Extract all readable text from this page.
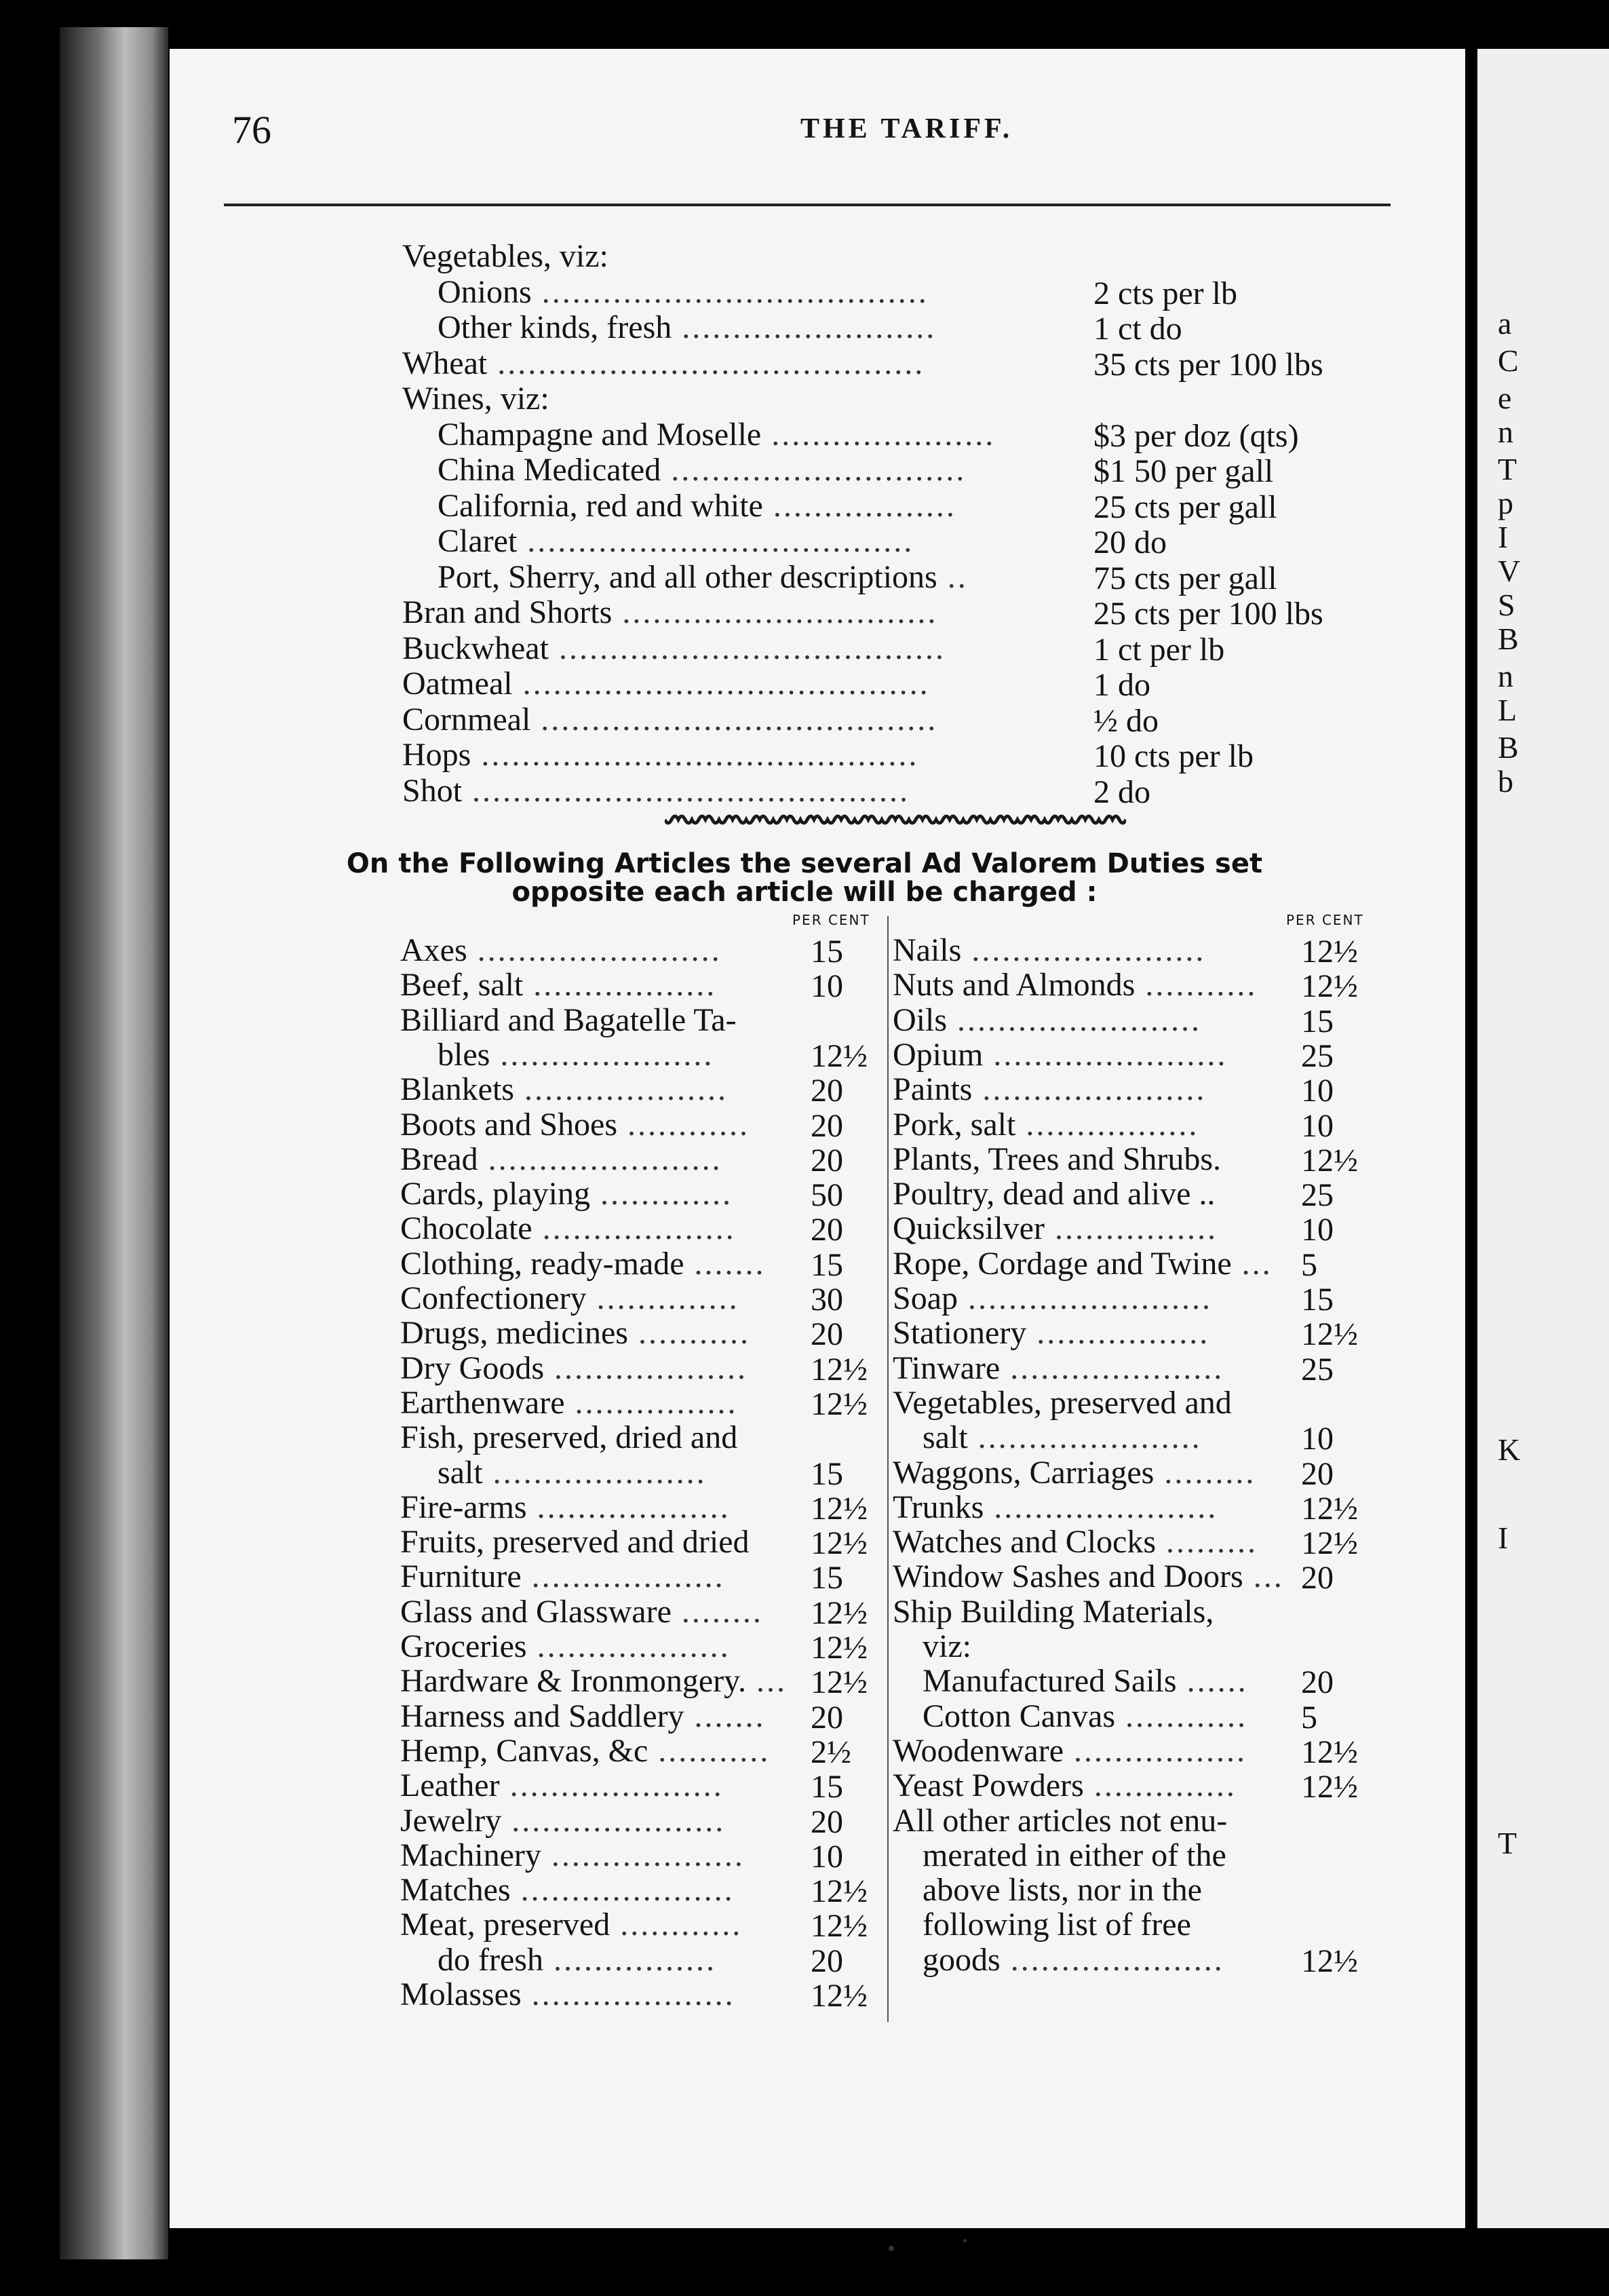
a
C
e
n
T
p
I
V
S
B
n
L
B
b
K
I
T
76	THE TARIFF.
Vegetables, viz:
Onions ......................................	2 cts per lb
Other kinds, fresh .........................	1 ct do
Wheat ..........................................	35 cts per 100 lbs
Wines, viz:
Champagne and Moselle ......................	$3 per doz (qts)
China Medicated .............................	$1 50 per gall
California, red and white ..................	25 cts per gall
Claret ......................................	20 do
Port, Sherry, and all other descriptions ..	75 cts per gall
Bran and Shorts ...............................	25 cts per 100 lbs
Buckwheat ......................................	1 ct per lb
Oatmeal ........................................	1 do
Cornmeal .......................................	½ do
Hops ...........................................	10 cts per lb
Shot ...........................................	2 do
On the Following Articles the several Ad Valorem Duties set
opposite each article will be charged :
PER CENT	PER CENT
Axes ........................	15
Beef, salt ..................	10
Billiard and Bagatelle Ta-
bles .....................	12½
Blankets ....................	20
Boots and Shoes ............ 20
Bread .......................	20
Cards, playing ............. 50
Chocolate ................... 20
Clothing, ready-made ....... 15
Confectionery .............. 30
Drugs, medicines ........... 20
Dry Goods ................... 12½
Earthenware ................ 12½
Fish, preserved, dried and
salt .....................	15
Fire-arms ................... 12½
Fruits, preserved and dried 12½
Furniture ...................	15
Glass and Glassware ........ 12½
Groceries ................... 12½
Hardware & Ironmongery. ... 12½
Harness and Saddlery ....... 20
Hemp, Canvas, &c ........... 2½
Leather .....................	15
Jewelry .....................	20
Machinery ................... 10
Matches ..................... 12½
Meat, preserved ............ 12½
do fresh ................	20
Molasses .................... 12½
Nails .......................	12½
Nuts and Almonds ........... 12½
Oils ........................	15
Opium ....................... 25
Paints ......................	10
Pork, salt .................	10
Plants, Trees and Shrubs. 12½
Poultry, dead and alive ..	25
Quicksilver ................	10
Rope, Cordage and Twine ... 5
Soap ........................	15
Stationery .................	12½
Tinware ..................... 25
Vegetables, preserved and
salt ......................	10
Waggons, Carriages ......... 20
Trunks ......................	12½
Watches and Clocks ......... 12½
Window Sashes and Doors ... 20
Ship Building Materials,
viz:
Manufactured Sails ...... 20
Cotton Canvas ............ 5
Woodenware ................. 12½
Yeast Powders .............. 12½
All other articles not enu-
merated in either of the
above lists, nor in the
following list of free
goods ..................... 12½
